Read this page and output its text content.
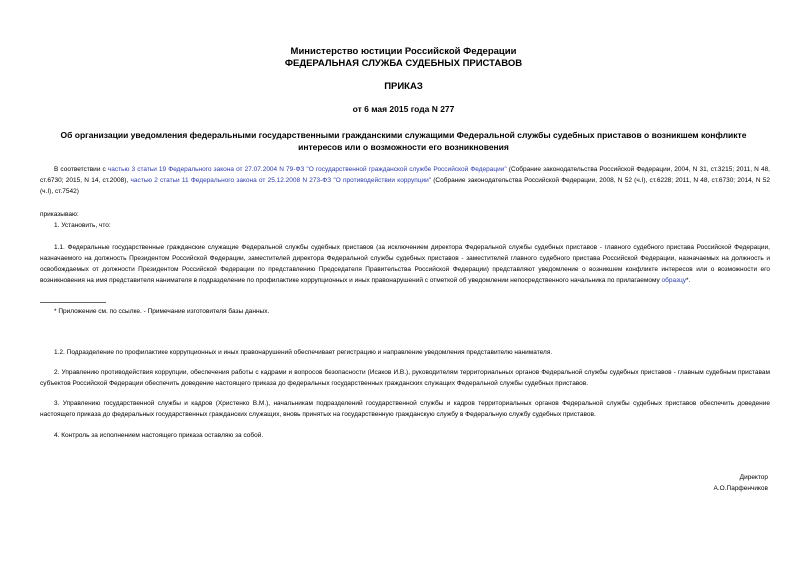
Министерство юстиции Российской Федерации
ФЕДЕРАЛЬНАЯ СЛУЖБА СУДЕБНЫХ ПРИСТАВОВ
ПРИКАЗ
от 6 мая 2015 года N 277
Об организации уведомления федеральными государственными гражданскими служащими Федеральной службы судебных приставов о возникшем конфликте
интересов или о возможности его возникновения
В соответствии с частью 3 статьи 19 Федерального закона от 27.07.2004 N 79-ФЗ "О государственной гражданской службе Российской Федерации" (Собрание законодательства Российской Федерации, 2004, N 31, ст.3215; 2011, N 48, ст.6730; 2015, N 14, ст.2008), частью 2 статьи 11 Федерального закона от 25.12.2008 N 273-ФЗ "О противодействии коррупции" (Собрание законодательства Российской Федерации, 2008, N 52 (ч.I), ст.6228; 2011, N 48, ст.6730; 2014, N 52 (ч.I), ст.7542)
приказываю:
1. Установить, что:
1.1. Федеральные государственные гражданские служащие Федеральной службы судебных приставов (за исключением директора Федеральной службы судебных приставов - главного судебного пристава Российской Федерации, назначаемого на должность Президентом Российской Федерации, заместителей директора Федеральной службы судебных приставов - заместителей главного судебного пристава Российской Федерации, назначаемых на должность и освобождаемых от должности Президентом Российской Федерации по представлению Председателя Правительства Российской Федерации) представляют уведомление о возникшем конфликте интересов или о возможности его возникновения на имя представителя нанимателя в подразделение по профилактике коррупционных и иных правонарушений с отметкой об уведомлении непосредственного начальника по прилагаемому образцу*.
* Приложение см. по ссылке. - Примечание изготовителя базы данных.
1.2. Подразделение по профилактике коррупционных и иных правонарушений обеспечивает регистрацию и направление уведомления представителю нанимателя.
2. Управлению противодействия коррупции, обеспечения работы с кадрами и вопросов безопасности (Исаков И.В.), руководителям территориальных органов Федеральной службы судебных приставов - главным судебным приставам субъектов Российской Федерации обеспечить доведение настоящего приказа до федеральных государственных гражданских служащих Федеральной службы судебных приставов.
3. Управлению государственной службы и кадров (Христенко В.М.), начальникам подразделений государственной службы и кадров территориальных органов Федеральной службы судебных приставов обеспечить доведение настоящего приказа до федеральных государственных гражданских служащих, вновь принятых на государственную гражданскую службу в Федеральную службу судебных приставов.
4. Контроль за исполнением настоящего приказа оставляю за собой.
Директор
А.О.Парфенчиков
